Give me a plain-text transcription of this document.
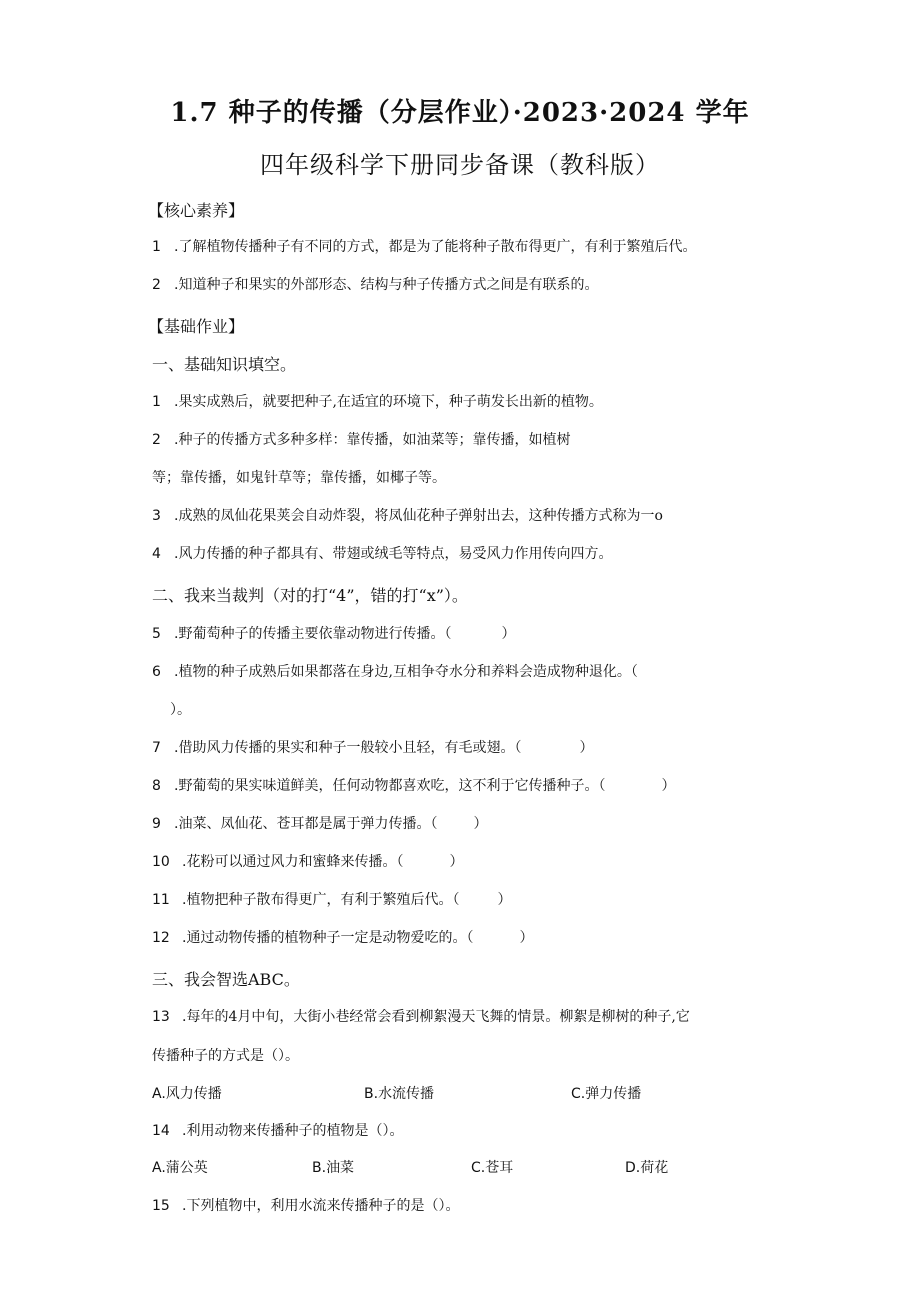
1.7 种子的传播（分层作业）·2023·2024 学年
四年级科学下册同步备课（教科版）
【核心素养】
1 .了解植物传播种子有不同的方式，都是为了能将种子散布得更广，有利于繁殖后代。
2 .知道种子和果实的外部形态、结构与种子传播方式之间是有联系的。
【基础作业】
一、基础知识填空。
1 .果实成熟后，就要把种子,在适宜的环境下，种子萌发长出新的植物。
2 .种子的传播方式多种多样：靠传播，如油菜等；靠传播，如植树
等；靠传播，如鬼针草等；靠传播，如椰子等。
3 .成熟的凤仙花果荚会自动炸裂，将凤仙花种子弹射出去，这种传播方式称为一o
4 .风力传播的种子都具有、带翅或绒毛等特点，易受风力作用传向四方。
二、我来当裁判（对的打“4”，错的打“x”）。
5 .野葡萄种子的传播主要依靠动物进行传播。（	）
6 .植物的种子成熟后如果都落在身边,互相争夺水分和养料会造成物种退化。（
）。
7 .借助风力传播的果实和种子一般较小且轻，有毛或翅。（	）
8 .野葡萄的果实味道鲜美，任何动物都喜欢吃，这不利于它传播种子。（	）
9 .油菜、凤仙花、苍耳都是属于弹力传播。（	）
10 .花粉可以通过风力和蜜蜂来传播。（	）
11 .植物把种子散布得更广，有利于繁殖后代。（	）
12 .通过动物传播的植物种子一定是动物爱吃的。（	）
三、我会智选ABC。
13 .每年的4月中旬，大街小巷经常会看到柳絮漫天飞舞的情景。柳絮是柳树的种子,它
传播种子的方式是（）。
A.风力传播	B.水流传播	C.弹力传播
14 .利用动物来传播种子的植物是（）。
A.蒲公英	B.油菜	C.苍耳	D.荷花
15 .下列植物中，利用水流来传播种子的是（）。
